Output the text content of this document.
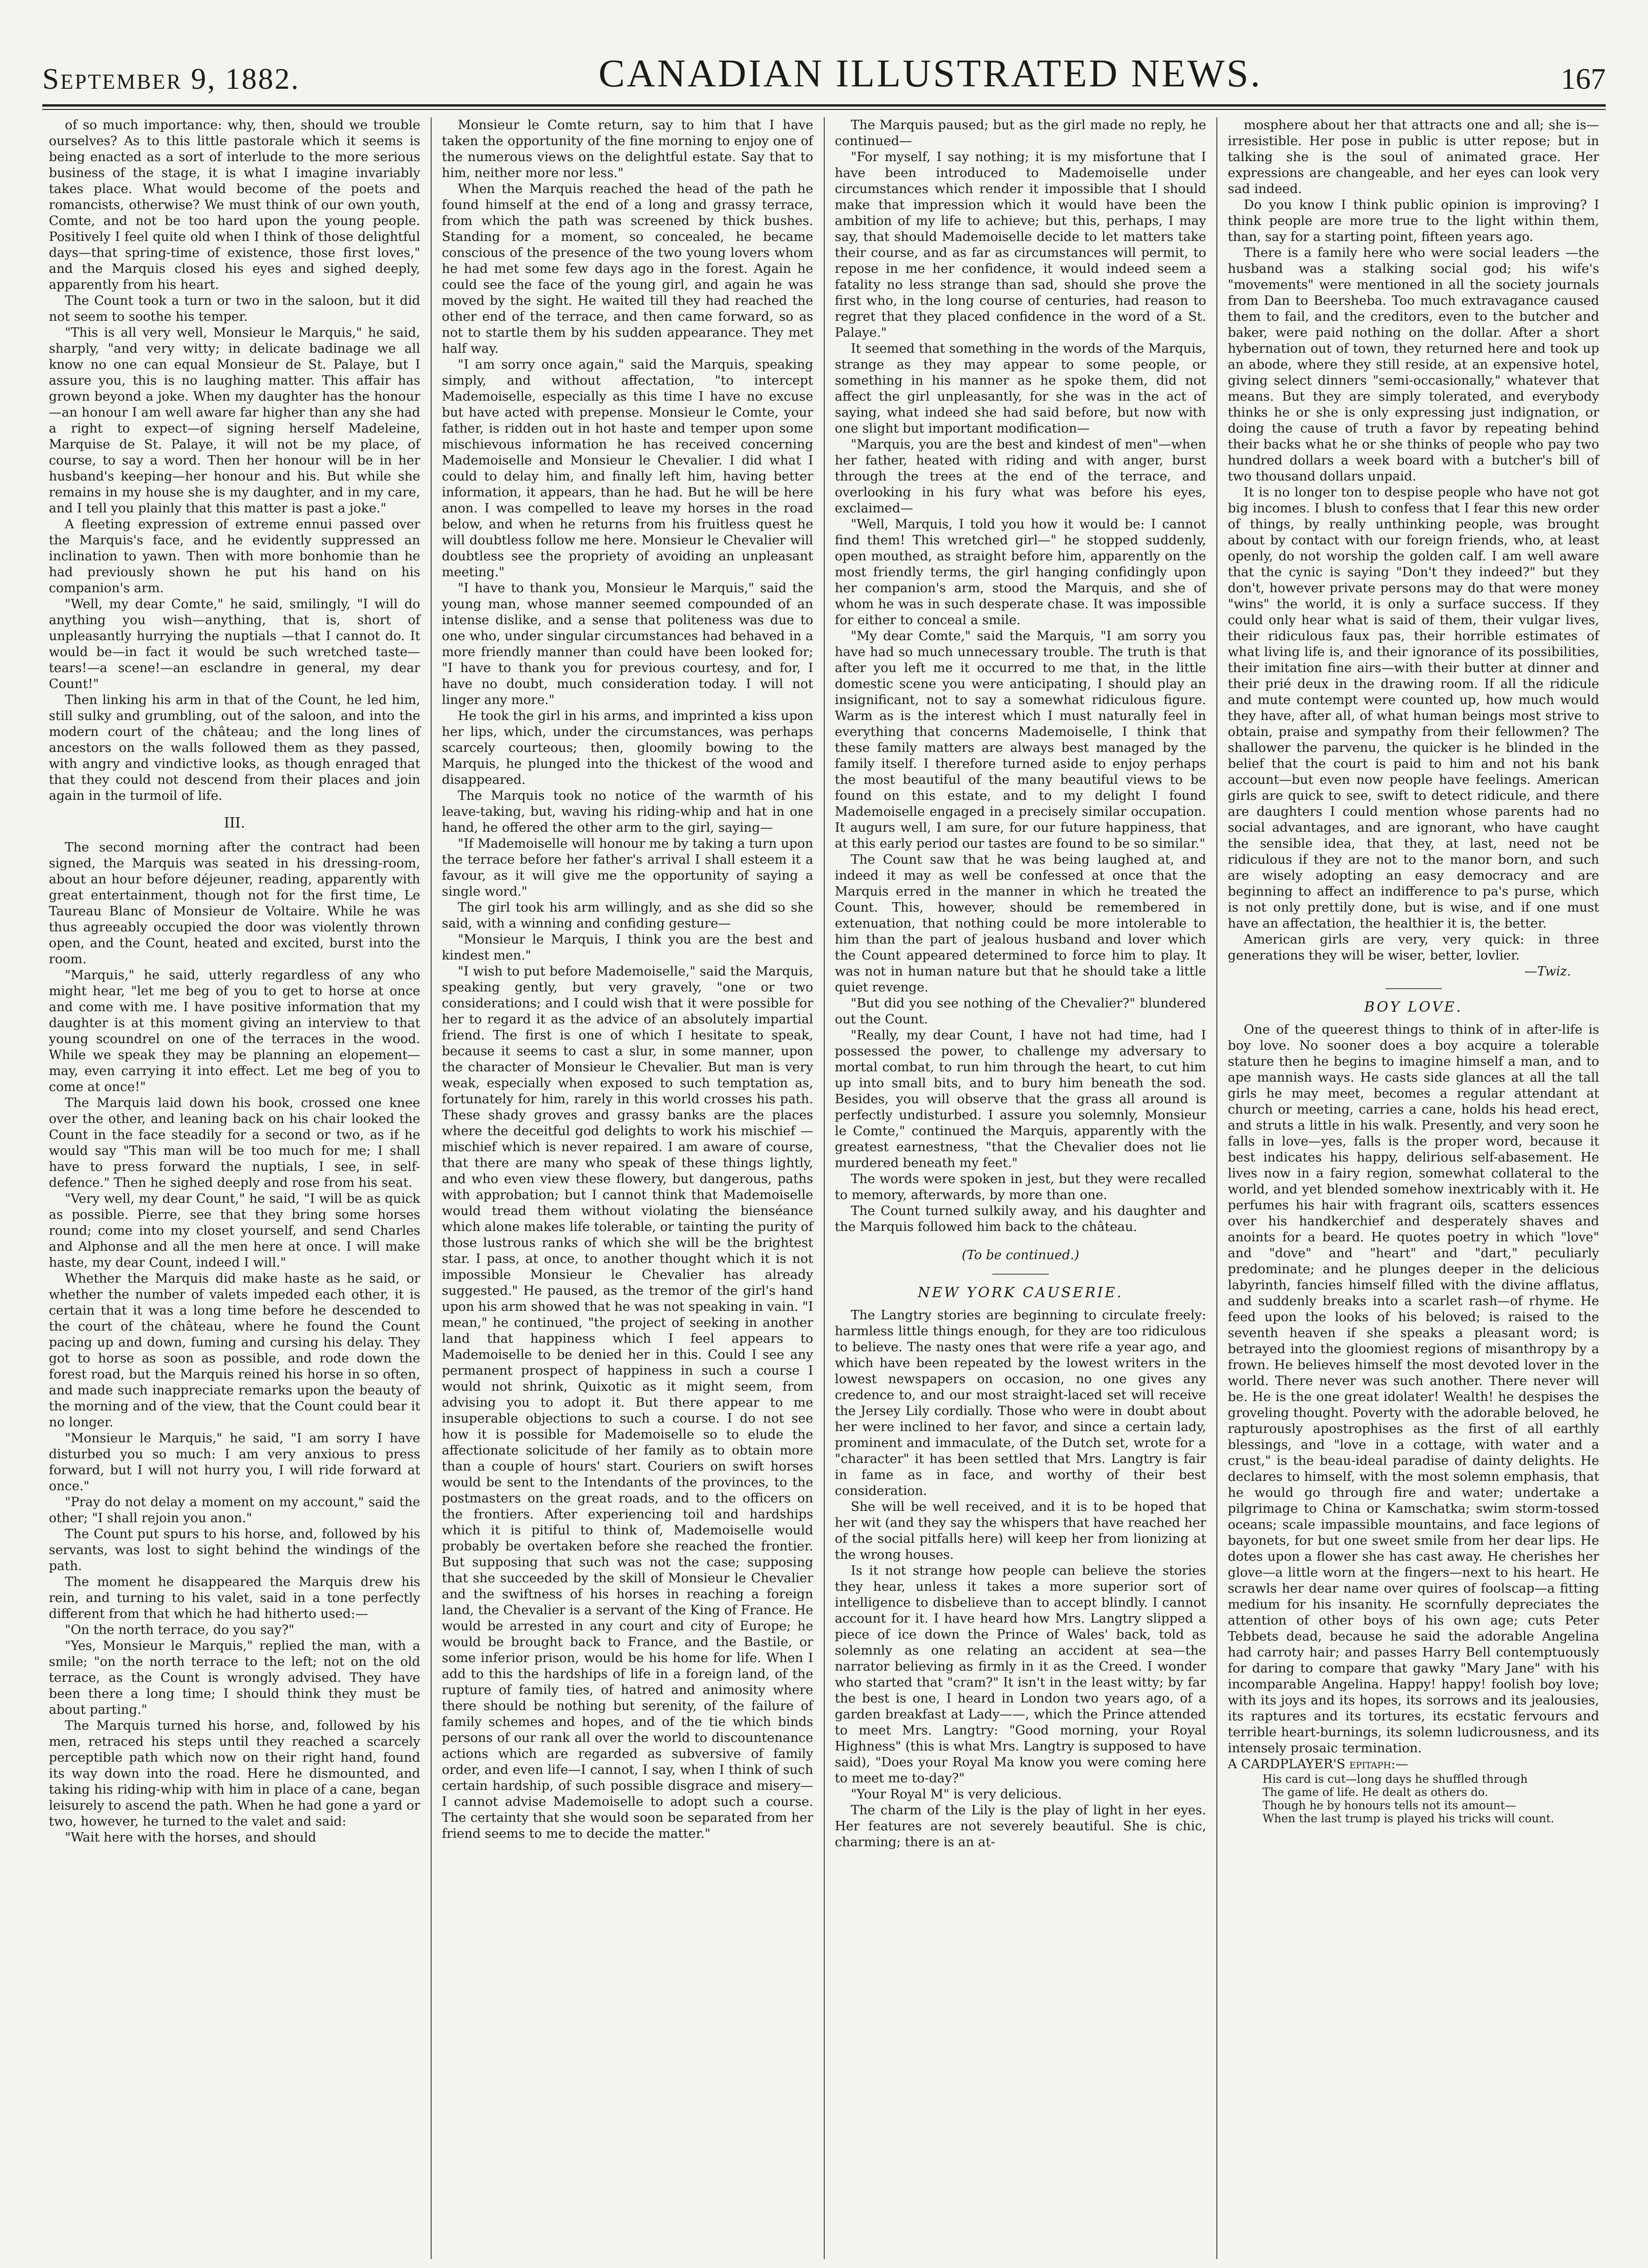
September 9, 1882.	CANADIAN ILLUSTRATED NEWS.	167

of so much importance: why, then, should we trouble ourselves? As to this little pastorale which it seems is being enacted as a sort of interlude to the more serious business of the stage, it is what I imagine invariably takes place. What would become of the poets and romancists, otherwise? We must think of our own youth, Comte, and not be too hard upon the young people. Positively I feel quite old when I think of those delightful days—that spring-time of existence, those first loves," and the Marquis closed his eyes and sighed deeply, apparently from his heart.

The Count took a turn or two in the saloon, but it did not seem to soothe his temper.

"This is all very well, Monsieur le Marquis," he said, sharply, "and very witty; in delicate badinage we all know no one can equal Monsieur de St. Palaye, but I assure you, this is no laughing matter. This affair has grown beyond a joke. When my daughter has the honour—an honour I am well aware far higher than any she had a right to expect—of signing herself Madeleine, Marquise de St. Palaye, it will not be my place, of course, to say a word. Then her honour will be in her husband's keeping—her honour and his. But while she remains in my house she is my daughter, and in my care, and I tell you plainly that this matter is past a joke."

A fleeting expression of extreme ennui passed over the Marquis's face, and he evidently suppressed an inclination to yawn. Then with more bonhomie than he had previously shown he put his hand on his companion's arm.

"Well, my dear Comte," he said, smilingly, "I will do anything you wish—anything, that is, short of unpleasantly hurrying the nuptials —that I cannot do. It would be—in fact it would be such wretched taste—tears!—a scene!—an esclandre in general, my dear Count!"

Then linking his arm in that of the Count, he led him, still sulky and grumbling, out of the saloon, and into the modern court of the château; and the long lines of ancestors on the walls followed them as they passed, with angry and vindictive looks, as though enraged that that they could not descend from their places and join again in the turmoil of life.

III.

The second morning after the contract had been signed, the Marquis was seated in his dressing-room, about an hour before déjeuner, reading, apparently with great entertainment, though not for the first time, Le Taureau Blanc of Monsieur de Voltaire. While he was thus agreeably occupied the door was violently thrown open, and the Count, heated and excited, burst into the room.

"Marquis," he said, utterly regardless of any who might hear, "let me beg of you to get to horse at once and come with me. I have positive information that my daughter is at this moment giving an interview to that young scoundrel on one of the terraces in the wood. While we speak they may be planning an elopement—may, even carrying it into effect. Let me beg of you to come at once!"

The Marquis laid down his book, crossed one knee over the other, and leaning back on his chair looked the Count in the face steadily for a second or two, as if he would say "This man will be too much for me; I shall have to press forward the nuptials, I see, in self-defence." Then he sighed deeply and rose from his seat.

"Very well, my dear Count," he said, "I will be as quick as possible. Pierre, see that they bring some horses round; come into my closet yourself, and send Charles and Alphonse and all the men here at once. I will make haste, my dear Count, indeed I will."

Whether the Marquis did make haste as he said, or whether the number of valets impeded each other, it is certain that it was a long time before he descended to the court of the château, where he found the Count pacing up and down, fuming and cursing his delay. They got to horse as soon as possible, and rode down the forest road, but the Marquis reined his horse in so often, and made such inappreciate remarks upon the beauty of the morning and of the view, that the Count could bear it no longer.

"Monsieur le Marquis," he said, "I am sorry I have disturbed you so much: I am very anxious to press forward, but I will not hurry you, I will ride forward at once."

"Pray do not delay a moment on my account," said the other; "I shall rejoin you anon."

The Count put spurs to his horse, and, followed by his servants, was lost to sight behind the windings of the path.

The moment he disappeared the Marquis drew his rein, and turning to his valet, said in a tone perfectly different from that which he had hitherto used:—

"On the north terrace, do you say?"

"Yes, Monsieur le Marquis," replied the man, with a smile; "on the north terrace to the left; not on the old terrace, as the Count is wrongly advised. They have been there a long time; I should think they must be about parting."

The Marquis turned his horse, and, followed by his men, retraced his steps until they reached a scarcely perceptible path which now on their right hand, found its way down into the road. Here he dismounted, and taking his riding-whip with him in place of a cane, began leisurely to ascend the path. When he had gone a yard or two, however, he turned to the valet and said:

"Wait here with the horses, and should

Monsieur le Comte return, say to him that I have taken the opportunity of the fine morning to enjoy one of the numerous views on the delightful estate. Say that to him, neither more nor less."

When the Marquis reached the head of the path he found himself at the end of a long and grassy terrace, from which the path was screened by thick bushes. Standing for a moment, so concealed, he became conscious of the presence of the two young lovers whom he had met some few days ago in the forest. Again he could see the face of the young girl, and again he was moved by the sight. He waited till they had reached the other end of the terrace, and then came forward, so as not to startle them by his sudden appearance. They met half way.

"I am sorry once again," said the Marquis, speaking simply, and without affectation, "to intercept Mademoiselle, especially as this time I have no excuse but have acted with prepense. Monsieur le Comte, your father, is ridden out in hot haste and temper upon some mischievous information he has received concerning Mademoiselle and Monsieur le Chevalier. I did what I could to delay him, and finally left him, having better information, it appears, than he had. But he will be here anon. I was compelled to leave my horses in the road below, and when he returns from his fruitless quest he will doubtless follow me here. Monsieur le Chevalier will doubtless see the propriety of avoiding an unpleasant meeting."

"I have to thank you, Monsieur le Marquis," said the young man, whose manner seemed compounded of an intense dislike, and a sense that politeness was due to one who, under singular circumstances had behaved in a more friendly manner than could have been looked for; "I have to thank you for previous courtesy, and for, I have no doubt, much consideration today. I will not linger any more."

He took the girl in his arms, and imprinted a kiss upon her lips, which, under the circumstances, was perhaps scarcely courteous; then, gloomily bowing to the Marquis, he plunged into the thickest of the wood and disappeared.

The Marquis took no notice of the warmth of his leave-taking, but, waving his riding-whip and hat in one hand, he offered the other arm to the girl, saying—

"If Mademoiselle will honour me by taking a turn upon the terrace before her father's arrival I shall esteem it a favour, as it will give me the opportunity of saying a single word."

The girl took his arm willingly, and as she did so she said, with a winning and confiding gesture—

"Monsieur le Marquis, I think you are the best and kindest men."

"I wish to put before Mademoiselle," said the Marquis, speaking gently, but very gravely, "one or two considerations; and I could wish that it were possible for her to regard it as the advice of an absolutely impartial friend. The first is one of which I hesitate to speak, because it seems to cast a slur, in some manner, upon the character of Monsieur le Chevalier. But man is very weak, especially when exposed to such temptation as, fortunately for him, rarely in this world crosses his path. These shady groves and grassy banks are the places where the deceitful god delights to work his mischief —mischief which is never repaired. I am aware of course, that there are many who speak of these things lightly, and who even view these flowery, but dangerous, paths with approbation; but I cannot think that Mademoiselle would tread them without violating the bienséance which alone makes life tolerable, or tainting the purity of those lustrous ranks of which she will be the brightest star. I pass, at once, to another thought which it is not impossible Monsieur le Chevalier has already suggested." He paused, as the tremor of the girl's hand upon his arm showed that he was not speaking in vain. "I mean," he continued, "the project of seeking in another land that happiness which I feel appears to Mademoiselle to be denied her in this. Could I see any permanent prospect of happiness in such a course I would not shrink, Quixotic as it might seem, from advising you to adopt it. But there appear to me insuperable objections to such a course. I do not see how it is possible for Mademoiselle so to elude the affectionate solicitude of her family as to obtain more than a couple of hours' start. Couriers on swift horses would be sent to the Intendants of the provinces, to the postmasters on the great roads, and to the officers on the frontiers. After experiencing toil and hardships which it is pitiful to think of, Mademoiselle would probably be overtaken before she reached the frontier. But supposing that such was not the case; supposing that she succeeded by the skill of Monsieur le Chevalier and the swiftness of his horses in reaching a foreign land, the Chevalier is a servant of the King of France. He would be arrested in any court and city of Europe; he would be brought back to France, and the Bastile, or some inferior prison, would be his home for life. When I add to this the hardships of life in a foreign land, of the rupture of family ties, of hatred and animosity where there should be nothing but serenity, of the failure of family schemes and hopes, and of the tie which binds persons of our rank all over the world to discountenance actions which are regarded as subversive of family order, and even life—I cannot, I say, when I think of such certain hardship, of such possible disgrace and misery—I cannot advise Mademoiselle to adopt such a course. The certainty that she would soon be separated from her friend seems to me to decide the matter."

The Marquis paused; but as the girl made no reply, he continued—

"For myself, I say nothing; it is my misfortune that I have been introduced to Mademoiselle under circumstances which render it impossible that I should make that impression which it would have been the ambition of my life to achieve; but this, perhaps, I may say, that should Mademoiselle decide to let matters take their course, and as far as circumstances will permit, to repose in me her confidence, it would indeed seem a fatality no less strange than sad, should she prove the first who, in the long course of centuries, had reason to regret that they placed confidence in the word of a St. Palaye."

It seemed that something in the words of the Marquis, strange as they may appear to some people, or something in his manner as he spoke them, did not affect the girl unpleasantly, for she was in the act of saying, what indeed she had said before, but now with one slight but important modification—

"Marquis, you are the best and kindest of men"—when her father, heated with riding and with anger, burst through the trees at the end of the terrace, and overlooking in his fury what was before his eyes, exclaimed—

"Well, Marquis, I told you how it would be: I cannot find them! This wretched girl—" he stopped suddenly, open mouthed, as straight before him, apparently on the most friendly terms, the girl hanging confidingly upon her companion's arm, stood the Marquis, and she of whom he was in such desperate chase. It was impossible for either to conceal a smile.

"My dear Comte," said the Marquis, "I am sorry you have had so much unnecessary trouble. The truth is that after you left me it occurred to me that, in the little domestic scene you were anticipating, I should play an insignificant, not to say a somewhat ridiculous figure. Warm as is the interest which I must naturally feel in everything that concerns Mademoiselle, I think that these family matters are always best managed by the family itself. I therefore turned aside to enjoy perhaps the most beautiful of the many beautiful views to be found on this estate, and to my delight I found Mademoiselle engaged in a precisely similar occupation. It augurs well, I am sure, for our future happiness, that at this early period our tastes are found to be so similar."

The Count saw that he was being laughed at, and indeed it may as well be confessed at once that the Marquis erred in the manner in which he treated the Count. This, however, should be remembered in extenuation, that nothing could be more intolerable to him than the part of jealous husband and lover which the Count appeared determined to force him to play. It was not in human nature but that he should take a little quiet revenge.

"But did you see nothing of the Chevalier?" blundered out the Count.

"Really, my dear Count, I have not had time, had I possessed the power, to challenge my adversary to mortal combat, to run him through the heart, to cut him up into small bits, and to bury him beneath the sod. Besides, you will observe that the grass all around is perfectly undisturbed. I assure you solemnly, Monsieur le Comte," continued the Marquis, apparently with the greatest earnestness, "that the Chevalier does not lie murdered beneath my feet."

The words were spoken in jest, but they were recalled to memory, afterwards, by more than one.

The Count turned sulkily away, and his daughter and the Marquis followed him back to the château.

(To be continued.)
NEW YORK CAUSERIE.

The Langtry stories are beginning to circulate freely: harmless little things enough, for they are too ridiculous to believe. The nasty ones that were rife a year ago, and which have been repeated by the lowest writers in the lowest newspapers on occasion, no one gives any credence to, and our most straight-laced set will receive the Jersey Lily cordially. Those who were in doubt about her were inclined to her favor, and since a certain lady, prominent and immaculate, of the Dutch set, wrote for a "character" it has been settled that Mrs. Langtry is fair in fame as in face, and worthy of their best consideration.

She will be well received, and it is to be hoped that her wit (and they say the whispers that have reached her of the social pitfalls here) will keep her from lionizing at the wrong houses.

Is it not strange how people can believe the stories they hear, unless it takes a more superior sort of intelligence to disbelieve than to accept blindly. I cannot account for it. I have heard how Mrs. Langtry slipped a piece of ice down the Prince of Wales' back, told as solemnly as one relating an accident at sea—the narrator believing as firmly in it as the Creed. I wonder who started that "cram?" It isn't in the least witty; by far the best is one, I heard in London two years ago, of a garden breakfast at Lady——, which the Prince attended to meet Mrs. Langtry: "Good morning, your Royal Highness" (this is what Mrs. Langtry is supposed to have said), "Does your Royal Ma know you were coming here to meet me to-day?"

"Your Royal M" is very delicious.

The charm of the Lily is the play of light in her eyes. Her features are not severely beautiful. She is chic, charming; there is an at-

mosphere about her that attracts one and all; she is—irresistible. Her pose in public is utter repose; but in talking she is the soul of animated grace. Her expressions are changeable, and her eyes can look very sad indeed.

Do you know I think public opinion is improving? I think people are more true to the light within them, than, say for a starting point, fifteen years ago.

There is a family here who were social leaders —the husband was a stalking social god; his wife's "movements" were mentioned in all the society journals from Dan to Beersheba. Too much extravagance caused them to fail, and the creditors, even to the butcher and baker, were paid nothing on the dollar. After a short hybernation out of town, they returned here and took up an abode, where they still reside, at an expensive hotel, giving select dinners "semi-occasionally," whatever that means. But they are simply tolerated, and everybody thinks he or she is only expressing just indignation, or doing the cause of truth a favor by repeating behind their backs what he or she thinks of people who pay two hundred dollars a week board with a butcher's bill of two thousand dollars unpaid.

It is no longer ton to despise people who have not got big incomes. I blush to confess that I fear this new order of things, by really unthinking people, was brought about by contact with our foreign friends, who, at least openly, do not worship the golden calf. I am well aware that the cynic is saying "Don't they indeed?" but they don't, however private persons may do that were money "wins" the world, it is only a surface success. If they could only hear what is said of them, their vulgar lives, their ridiculous faux pas, their horrible estimates of what living life is, and their ignorance of its possibilities, their imitation fine airs—with their butter at dinner and their prié deux in the drawing room. If all the ridicule and mute contempt were counted up, how much would they have, after all, of what human beings most strive to obtain, praise and sympathy from their fellowmen? The shallower the parvenu, the quicker is he blinded in the belief that the court is paid to him and not his bank account—but even now people have feelings. American girls are quick to see, swift to detect ridicule, and there are daughters I could mention whose parents had no social advantages, and are ignorant, who have caught the sensible idea, that they, at last, need not be ridiculous if they are not to the manor born, and such are wisely adopting an easy democracy and are beginning to affect an indifference to pa's purse, which is not only prettily done, but is wise, and if one must have an affectation, the healthier it is, the better.

American girls are very, very quick: in three generations they will be wiser, better, lovlier.

—Twiz.

BOY LOVE.

One of the queerest things to think of in after-life is boy love. No sooner does a boy acquire a tolerable stature then he begins to imagine himself a man, and to ape mannish ways. He casts side glances at all the tall girls he may meet, becomes a regular attendant at church or meeting, carries a cane, holds his head erect, and struts a little in his walk. Presently, and very soon he falls in love—yes, falls is the proper word, because it best indicates his happy, delirious self-abasement. He lives now in a fairy region, somewhat collateral to the world, and yet blended somehow inextricably with it. He perfumes his hair with fragrant oils, scatters essences over his handkerchief and desperately shaves and anoints for a beard. He quotes poetry in which "love" and "dove" and "heart" and "dart," peculiarly predominate; and he plunges deeper in the delicious labyrinth, fancies himself filled with the divine afflatus, and suddenly breaks into a scarlet rash—of rhyme. He feed upon the looks of his beloved; is raised to the seventh heaven if she speaks a pleasant word; is betrayed into the gloomiest regions of misanthropy by a frown. He believes himself the most devoted lover in the world. There never was such another. There never will be. He is the one great idolater! Wealth! he despises the groveling thought. Poverty with the adorable beloved, he rapturously apostrophises as the first of all earthly blessings, and "love in a cottage, with water and a crust," is the beau-ideal paradise of dainty delights. He declares to himself, with the most solemn emphasis, that he would go through fire and water; undertake a pilgrimage to China or Kamschatka; swim storm-tossed oceans; scale impassible mountains, and face legions of bayonets, for but one sweet smile from her dear lips. He dotes upon a flower she has cast away. He cherishes her glove—a little worn at the fingers—next to his heart. He scrawls her dear name over quires of foolscap—a fitting medium for his insanity. He scornfully depreciates the attention of other boys of his own age; cuts Peter Tebbets dead, because he said the adorable Angelina had carroty hair; and passes Harry Bell contemptuously for daring to compare that gawky "Mary Jane" with his incomparable Angelina. Happy! happy! foolish boy love; with its joys and its hopes, its sorrows and its jealousies, its raptures and its tortures, its ecstatic fervours and terrible heart-burnings, its solemn ludicrousness, and its intensely prosaic termination.

A CARDPLAYER'S epitaph:—

His card is cut—long days he shuffled through

The game of life. He dealt as others do.

Though he by honours tells not its amount—

When the last trump is played his tricks will count.
